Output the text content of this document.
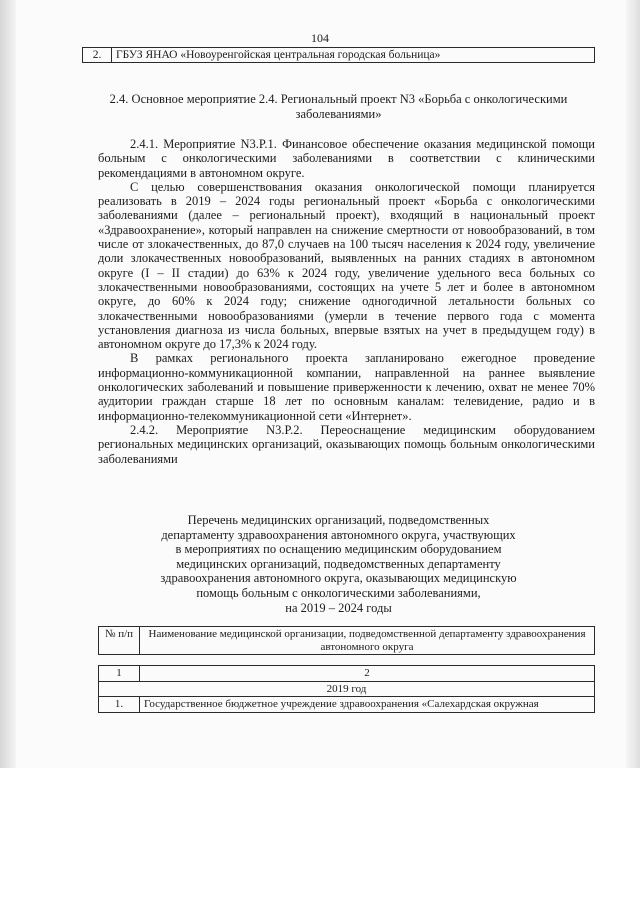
104
2.	ГБУЗ ЯНАО «Новоуренгойская центральная городская больница»
2.4. Основное мероприятие 2.4. Региональный проект N3 «Борьба с онкологическими заболеваниями»

2.4.1. Мероприятие N3.P.1. Финансовое обеспечение оказания медицинской помощи больным с онкологическими заболеваниями в соответствии с клиническими рекомендациями в автономном округе.

С целью совершенствования оказания онкологической помощи планируется реализовать в 2019 – 2024 годы региональный проект «Борьба с онкологическими заболеваниями (далее – региональный проект), входящий в национальный проект «Здравоохранение», который направлен на снижение смертности от новообразований, в том числе от злокачественных, до 87,0 случаев на 100 тысяч населения к 2024 году, увеличение доли злокачественных новообразований, выявленных на ранних стадиях в автономном округе (I – II стадии) до 63% к 2024 году, увеличение удельного веса больных со злокачественными новообразованиями, состоящих на учете 5 лет и более в автономном округе, до 60% к 2024 году; снижение одногодичной летальности больных со злокачественными новообразованиями (умерли в течение первого года с момента установления диагноза из числа больных, впервые взятых на учет в предыдущем году) в автономном округе до 17,3% к 2024 году.

В рамках регионального проекта запланировано ежегодное проведение информационно-коммуникационной компании, направленной на раннее выявление онкологических заболеваний и повышение приверженности к лечению, охват не менее 70% аудитории граждан старше 18 лет по основным каналам: телевидение, радио и в информационно-телекоммуникационной сети «Интернет».

2.4.2. Мероприятие N3.P.2. Переоснащение медицинским оборудованием региональных медицинских организаций, оказывающих помощь больным онкологическими заболеваниями

Перечень медицинских организаций, подведомственных
департаменту здравоохранения автономного округа, участвующих
в мероприятиях по оснащению медицинским оборудованием
медицинских организаций, подведомственных департаменту
здравоохранения автономного округа, оказывающих медицинскую
помощь больным с онкологическими заболеваниями,
на 2019 – 2024 годы
№ п/п	Наименование медицинской организации, подведомственной департаменту здравоохранения автономного округа
1	2
2019 год	
1.	Государственное бюджетное учреждение здравоохранения «Салехардская окружная
